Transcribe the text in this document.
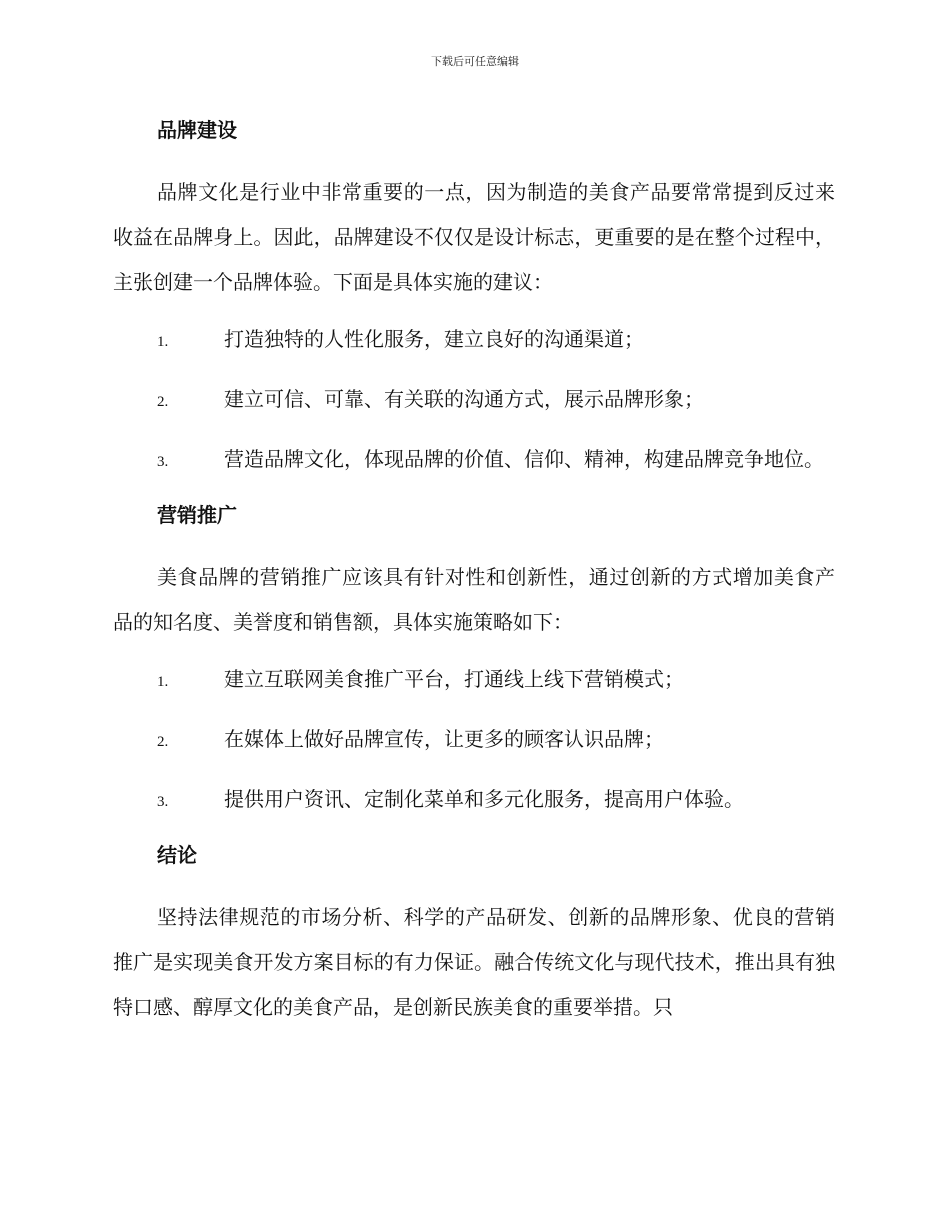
下载后可任意编辑
品牌建设

品牌文化是行业中非常重要的一点，因为制造的美食产品要常常提到反过来收益在品牌身上。因此，品牌建设不仅仅是设计标志，更重要的是在整个过程中，主张创建一个品牌体验。下面是具体实施的建议：

1.	打造独特的人性化服务，建立良好的沟通渠道；
2.	建立可信、可靠、有关联的沟通方式，展示品牌形象；
3.	营造品牌文化，体现品牌的价值、信仰、精神，构建品牌竞争地位。
营销推广

美食品牌的营销推广应该具有针对性和创新性，通过创新的方式增加美食产品的知名度、美誉度和销售额，具体实施策略如下：

1.	建立互联网美食推广平台，打通线上线下营销模式；
2.	在媒体上做好品牌宣传，让更多的顾客认识品牌；
3.	提供用户资讯、定制化菜单和多元化服务，提高用户体验。
结论

坚持法律规范的市场分析、科学的产品研发、创新的品牌形象、优良的营销推广是实现美食开发方案目标的有力保证。融合传统文化与现代技术，推出具有独特口感、醇厚文化的美食产品，是创新民族美食的重要举措。只
